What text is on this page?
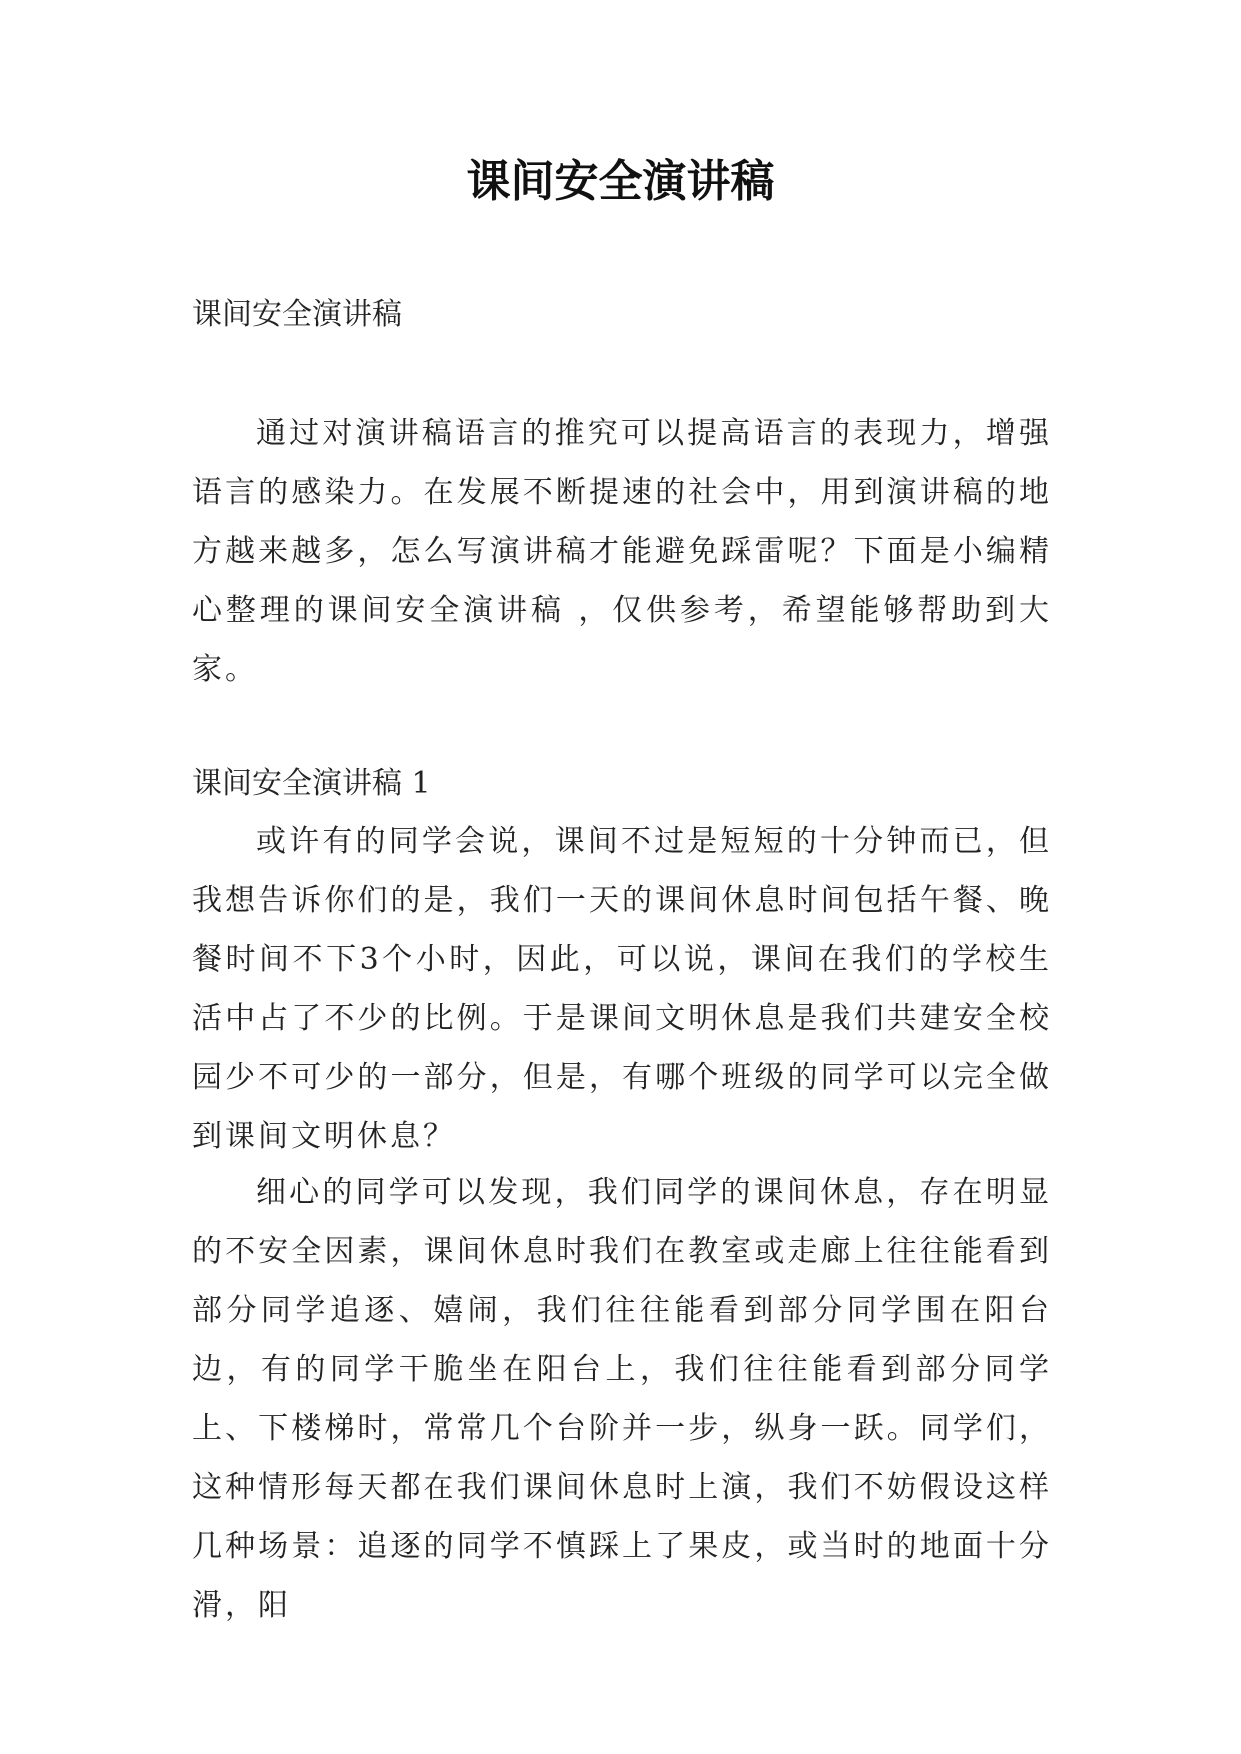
课间安全演讲稿

课间安全演讲稿

通过对演讲稿语言的推究可以提高语言的表现力，增强语言的感染力。在发展不断提速的社会中，用到演讲稿的地方越来越多，怎么写演讲稿才能避免踩雷呢？下面是小编精心整理的课间安全演讲稿 ，仅供参考，希望能够帮助到大家。

课间安全演讲稿 1

或许有的同学会说，课间不过是短短的十分钟而已，但我想告诉你们的是，我们一天的课间休息时间包括午餐、晚餐时间不下3个小时，因此，可以说，课间在我们的学校生活中占了不少的比例。于是课间文明休息是我们共建安全校园少不可少的一部分，但是，有哪个班级的同学可以完全做到课间文明休息？

细心的同学可以发现，我们同学的课间休息，存在明显的不安全因素，课间休息时我们在教室或走廊上往往能看到部分同学追逐、嬉闹，我们往往能看到部分同学围在阳台边，有的同学干脆坐在阳台上，我们往往能看到部分同学上、下楼梯时，常常几个台阶并一步，纵身一跃。同学们，这种情形每天都在我们课间休息时上演，我们不妨假设这样几种场景：追逐的同学不慎踩上了果皮，或当时的地面十分滑，阳
